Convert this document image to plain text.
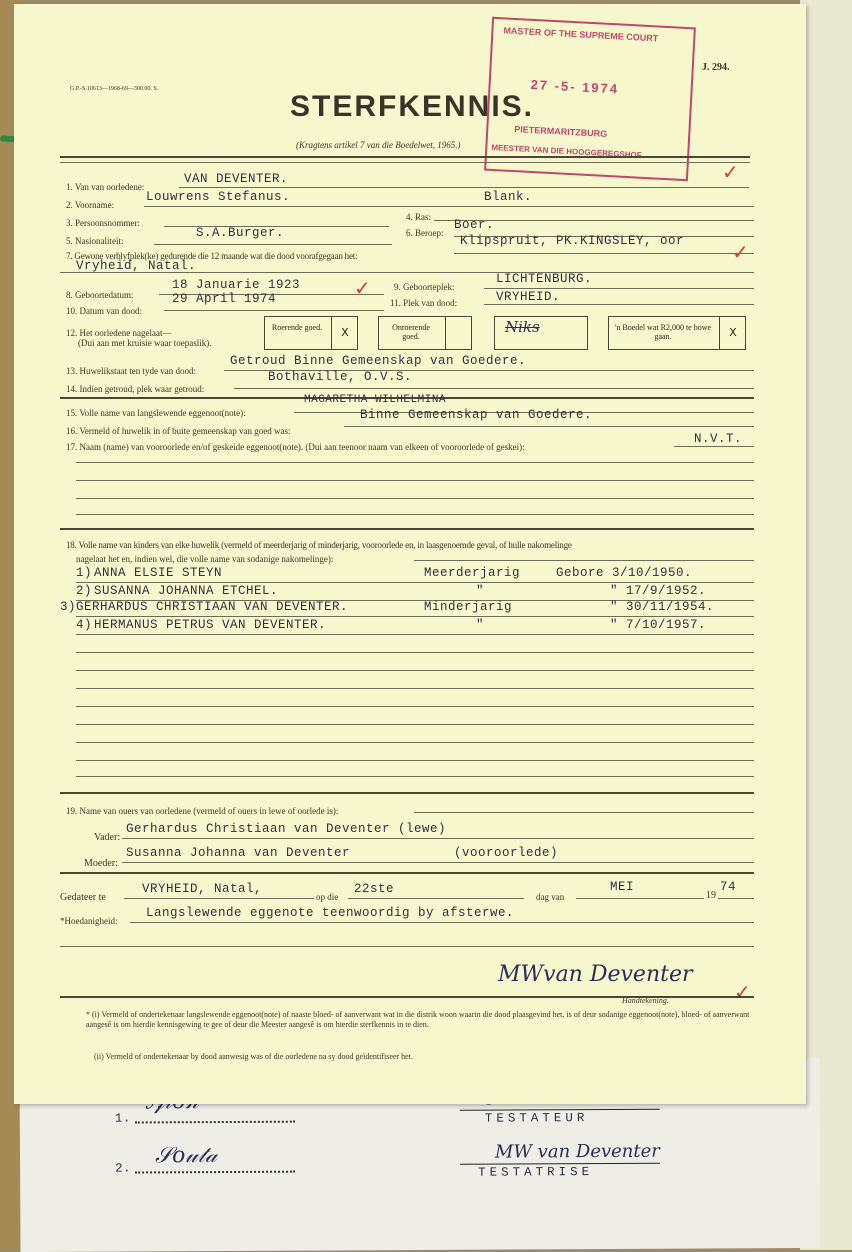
1.
2.
𝒮𝑜𝓊𝓉𝒶
TESTATEUR
MW van Deventer
TESTATRISE
G.P.-S.10613—1968-69—300.00. S.
J. 294.
STERFKENNIS.
(Kragtens artikel 7 van die Boedelwet, 1965.)
MASTER OF THE SUPREME COURT
27 -5- 1974
PIETERMARITZBURG
MEESTER VAN DIE HOOGGEREGSHOF
1. Van van oorledene:
VAN DEVENTER.	✓
2. Voorname:
Louwrens Stefanus.	Blank.
3. Persoonsnommer:
4. Ras:
5. Nasionaliteit:
S.A.Burger.	6. Beroep:
Boer.
7. Gewone verblyfplek(ke) gedurende die 12 maande wat die dood voorafgegaan het:
Klipspruit, PK.KINGSLEY, oor
Vryheid, Natal.
✓
8. Geboortedatum:
18 Januarie 1923	9. Geboorteplek:
LICHTENBURG.
10. Datum van dood:
29 April 1974	✓
11. Plek van dood:	VRYHEID.
12. Het oorledene nagelaat—
(Dui aan met kruisie waar toepaslik).
Roerende goed.	X	Onroerende goed.
Niks	'n Boedel wat R2,000 te bowe gaan.	X
13. Huwelikstaat ten tyde van dood:
Getroud Binne Gemeenskap van Goedere.
14. Indien getroud, plek waar getroud:
Bothaville, O.V.S.
15. Volle name van langslewende eggenoot(note):
MAGARETHA WILHELMINA
16. Vermeld of huwelik in of buite gemeenskap van goed was:
Binne Gemeenskap van Goedere.
17. Naam (name) van vooroorlede en/of geskeide eggenoot(note). (Dui aan teenoor naam van elkeen of vooroorlede of geskei):
N.V.T.
18. Volle name van kinders van elke huwelik (vermeld of meerderjarig of minderjarig, vooroorlede en, in laasgenoemde geval, of hulle nakomelinge
nagelaat het en, indien wel, die volle name van sodanige nakomelinge):
1) ANNA ELSIE STEYN	Meerderjarig	Gebore 3/10/1950.
2) SUSANNA JOHANNA ETCHEL.	"	" 17/9/1952.
3) GERHARDUS CHRISTIAAN VAN DEVENTER.	Minderjarig	" 30/11/1954.
4) HERMANUS PETRUS VAN DEVENTER.	"	" 7/10/1957.
19. Name van ouers van oorledene (vermeld of ouers in lewe of oorlede is):
Vader:
Gerhardus Christiaan van Deventer (lewe)
Moeder:
Susanna Johanna van Deventer	(vooroorlede)
Gedateer te
VRYHEID, Natal,
op die
22ste
dag van
MEI
19
74
*Hoedanigheid:
Langslewende eggenote teenwoordig by afsterwe.
MWvan Deventer
✓
Handtekening.
* (i) Vermeld of ondertekenaar langslewende eggenoot(note) of naaste bloed- of aanverwant wat in die distrik woon waarin die dood plaasgevind het, is of deur sodanige eggenoot(note), bloed- of aanverwant aangesê is om hierdie kennisgewing te gee of deur die Meester aangesê is om hierdie sterfkennis in te dien.
(ii) Vermeld of ondertekenaar by dood aanwesig was of die oorledene na sy dood geïdentifiseer het.
